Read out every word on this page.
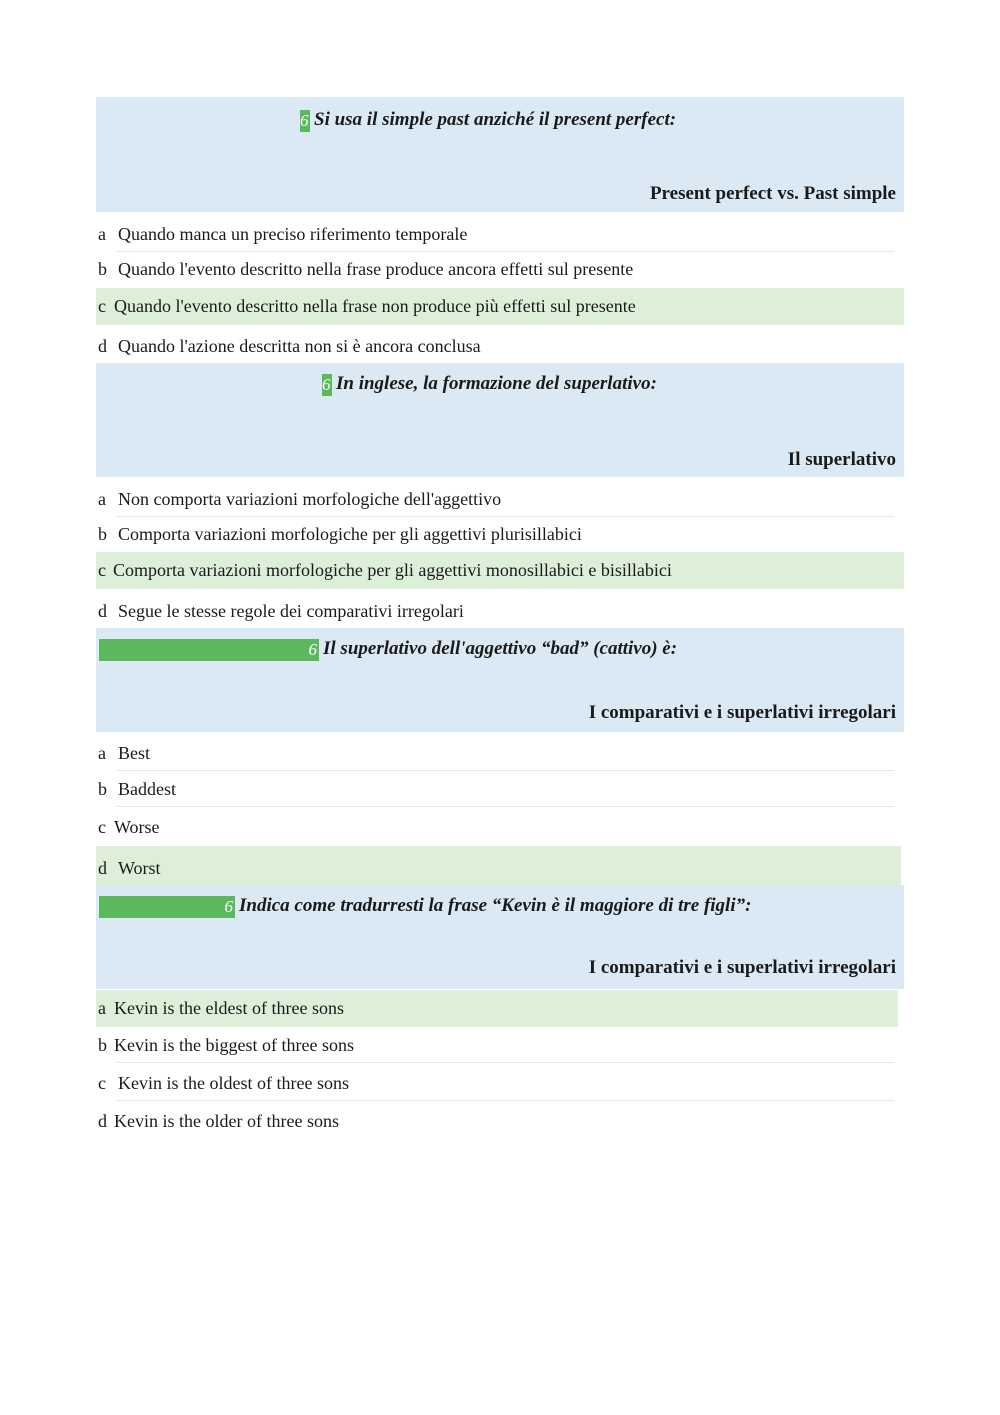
6 Si usa il simple past anziché il present perfect:
Present perfect vs. Past simple
a Quando manca un preciso riferimento temporale
b Quando l'evento descritto nella frase produce ancora effetti sul presente
c Quando l'evento descritto nella frase non produce più effetti sul presente
d Quando l'azione descritta non si è ancora conclusa
6 In inglese, la formazione del superlativo:
Il superlativo
a Non comporta variazioni morfologiche dell'aggettivo
b Comporta variazioni morfologiche per gli aggettivi plurisillabici
c Comporta variazioni morfologiche per gli aggettivi monosillabici e bisillabici
d Segue le stesse regole dei comparativi irregolari
6 Il superlativo dell'aggettivo “bad” (cattivo) è:
I comparativi e i superlativi irregolari
a Best
b Baddest
c Worse
d Worst
6 Indica come tradurresti la frase “Kevin è il maggiore di tre figli”:
I comparativi e i superlativi irregolari
a Kevin is the eldest of three sons
b Kevin is the biggest of three sons
c Kevin is the oldest of three sons
d Kevin is the older of three sons
